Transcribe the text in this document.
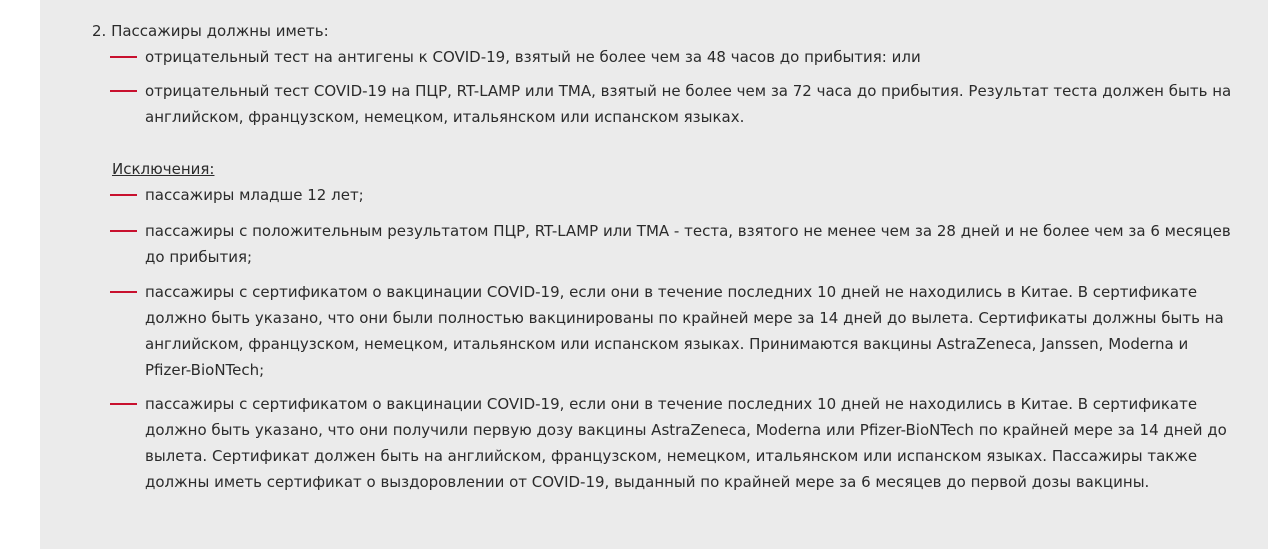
2. Пассажиры должны иметь:
отрицательный тест на антигены к COVID-19, взятый не более чем за 48 часов до прибытия: или
отрицательный тест COVID-19 на ПЦР, RT-LAMP или TMA, взятый не более чем за 72 часа до прибытия. Результат теста должен быть на английском, французском, немецком, итальянском или испанском языках.
Исключения:
пассажиры младше 12 лет;
пассажиры с положительным результатом ПЦР, RT-LAMP или TMA - теста, взятого не менее чем за 28 дней и не более чем за 6 месяцев до прибытия;
пассажиры с сертификатом о вакцинации COVID-19, если они в течение последних 10 дней не находились в Китае. В сертификате должно быть указано, что они были полностью вакцинированы по крайней мере за 14 дней до вылета. Сертификаты должны быть на английском, французском, немецком, итальянском или испанском языках. Принимаются вакцины AstraZeneca, Janssen, Moderna и Pfizer-BioNTech;
пассажиры с сертификатом о вакцинации COVID-19, если они в течение последних 10 дней не находились в Китае. В сертификате должно быть указано, что они получили первую дозу вакцины AstraZeneca, Moderna или Pfizer-BioNTech по крайней мере за 14 дней до вылета. Сертификат должен быть на английском, французском, немецком, итальянском или испанском языках. Пассажиры также должны иметь сертификат о выздоровлении от COVID-19, выданный по крайней мере за 6 месяцев до первой дозы вакцины.
